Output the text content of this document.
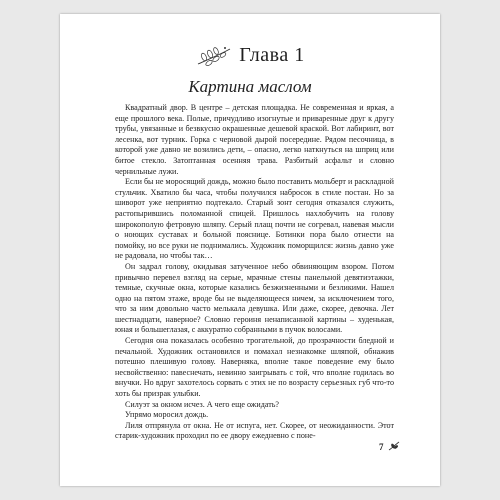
Глава 1
Картина маслом

Квадратный двор. В центре – детская площадка. Не современная и яркая, а еще прошлого века. Полые, причудливо изогнутые и приваренные друг к другу трубы, увязанные и безвкусно окрашенные дешевой краской. Вот лабиринт, вот лесенка, вот турник. Горка с черновой дырой посередине. Рядом песочница, в которой уже давно не возились дети, – опасно, легко наткнуться на шприц или битое стекло. Затоптанная осенняя трава. Разбитый асфальт и словно чернильные лужи.

Если бы не моросящий дождь, можно было поставить мольберт и раскладной стульчик. Хватило бы часа, чтобы получился набросок в стиле постан. Но за шиворот уже неприятно подтекало. Старый зонт сегодня отказался служить, растопырившись поломанной спицей. Пришлось нахлобучить на голову широкополую фетровую шляпу. Серый плащ почти не согревал, навевая мысли о ноющих суставах и больной пояснице. Ботинки пора было отнести на помойку, но все руки не поднимались. Художник поморщился: жизнь давно уже не радовала, но чтобы так…

Он задрал голову, окидывая затученное небо обвиняющим взором. Потом привычно перевел взгляд на серые, мрачные стены панельной девятиэтажки, темные, скучные окна, которые казались безжизненными и безликими. Нашел одно на пятом этаже, вроде бы не выделяющееся ничем, за исключением того, что за ним довольно часто мелькала девушка. Или даже, скорее, девочка. Лет шестнадцати, наверное? Словно героиня ненаписанной картины – худенькая, юная и большеглазая, с аккуратно собранными в пучок волосами.

Сегодня она показалась особенно трогательной, до прозрачности бледной и печальной. Художник остановился и помахал незнакомке шляпой, обнажив потешно плешивую голову. Наверняка, вполне такое поведение ему было несвойственно: павеснечать, невинно заигрывать с той, что вполне годилась во внучки. Но вдруг захотелось сорвать с этих не по возрасту серьезных губ что-то хоть бы призрак улыбки.

Силуэт за окном исчез. А чего еще ожидать?

Упрямо моросил дождь.

Лиля отпрянула от окна. Не от испуга, нет. Скорее, от неожиданности. Этот старик-художник проходил по ее двору ежедневно с поне-

7
